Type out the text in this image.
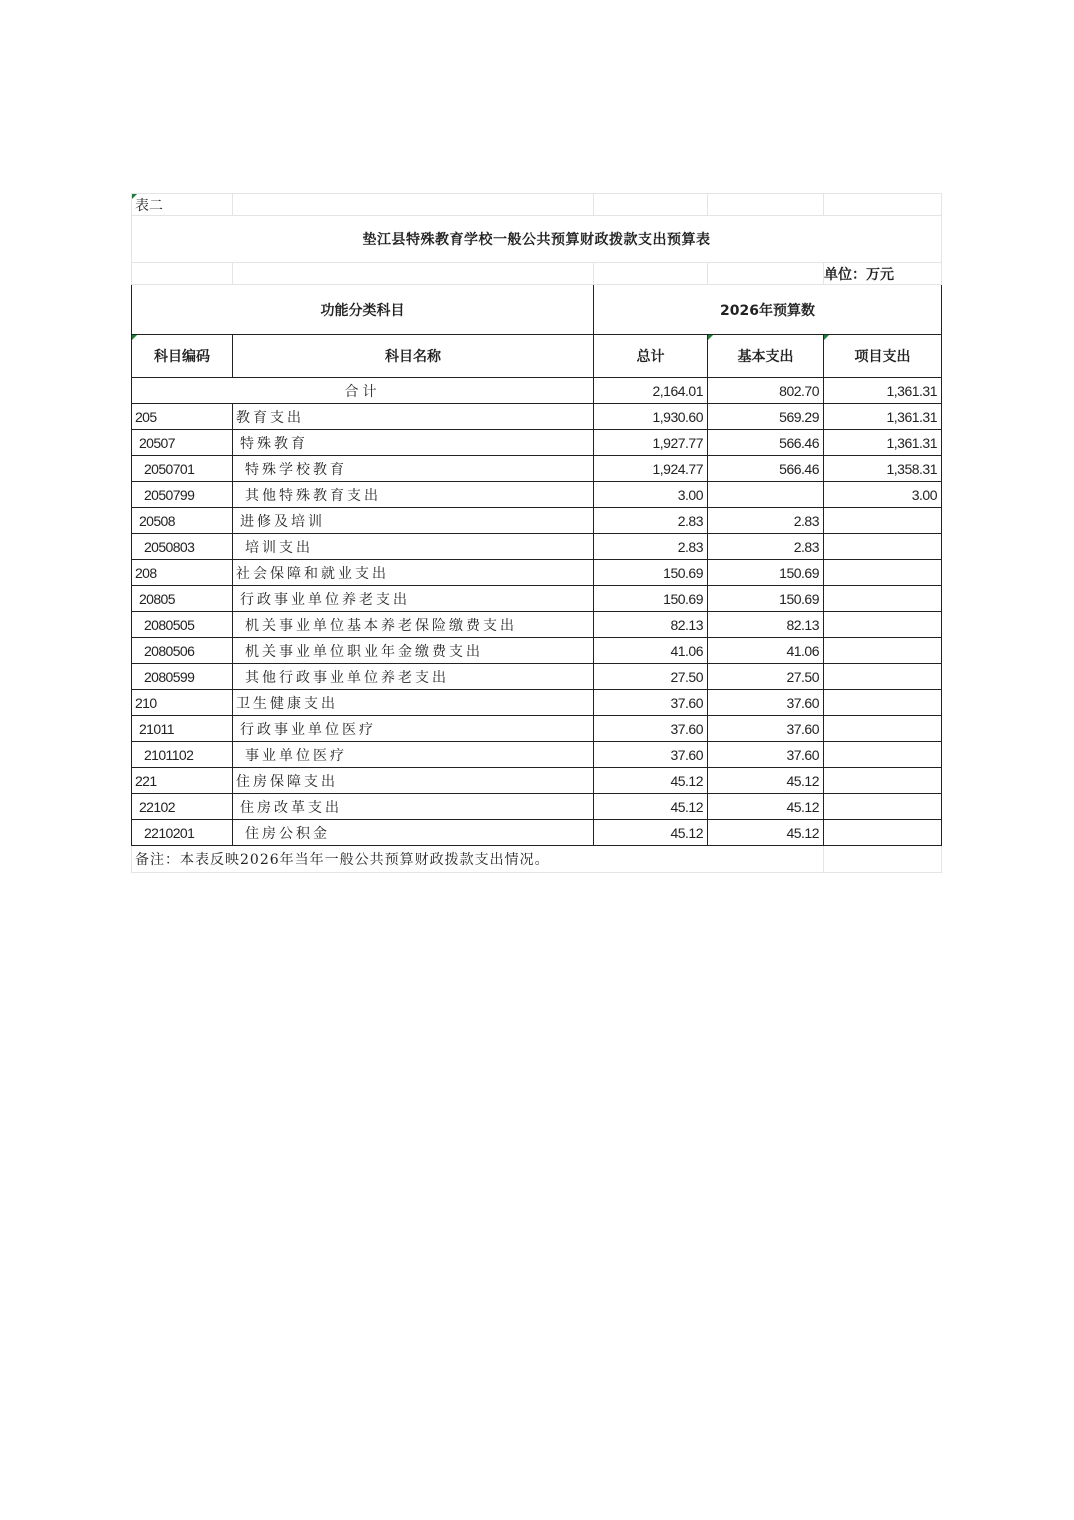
表二				
垫江县特殊教育学校一般公共预算财政拨款支出预算表				
				单位：万元
功能分类科目		2026年预算数		
科目编码	科目名称	总计	基本支出	项目支出
合计		2,164.01	802.70	1,361.31
205	教育支出	1,930.60	569.29	1,361.31
20507	特殊教育	1,927.77	566.46	1,361.31
2050701	特殊学校教育	1,924.77	566.46	1,358.31
2050799	其他特殊教育支出	3.00		3.00
20508	进修及培训	2.83	2.83	
2050803	培训支出	2.83	2.83	
208	社会保障和就业支出	150.69	150.69	
20805	行政事业单位养老支出	150.69	150.69	
2080505	机关事业单位基本养老保险缴费支出	82.13	82.13	
2080506	机关事业单位职业年金缴费支出	41.06	41.06	
2080599	其他行政事业单位养老支出	27.50	27.50	
210	卫生健康支出	37.60	37.60	
21011	行政事业单位医疗	37.60	37.60	
2101102	事业单位医疗	37.60	37.60	
221	住房保障支出	45.12	45.12	
22102	住房改革支出	45.12	45.12	
2210201	住房公积金	45.12	45.12	
备注：本表反映2026年当年一般公共预算财政拨款支出情况。				
